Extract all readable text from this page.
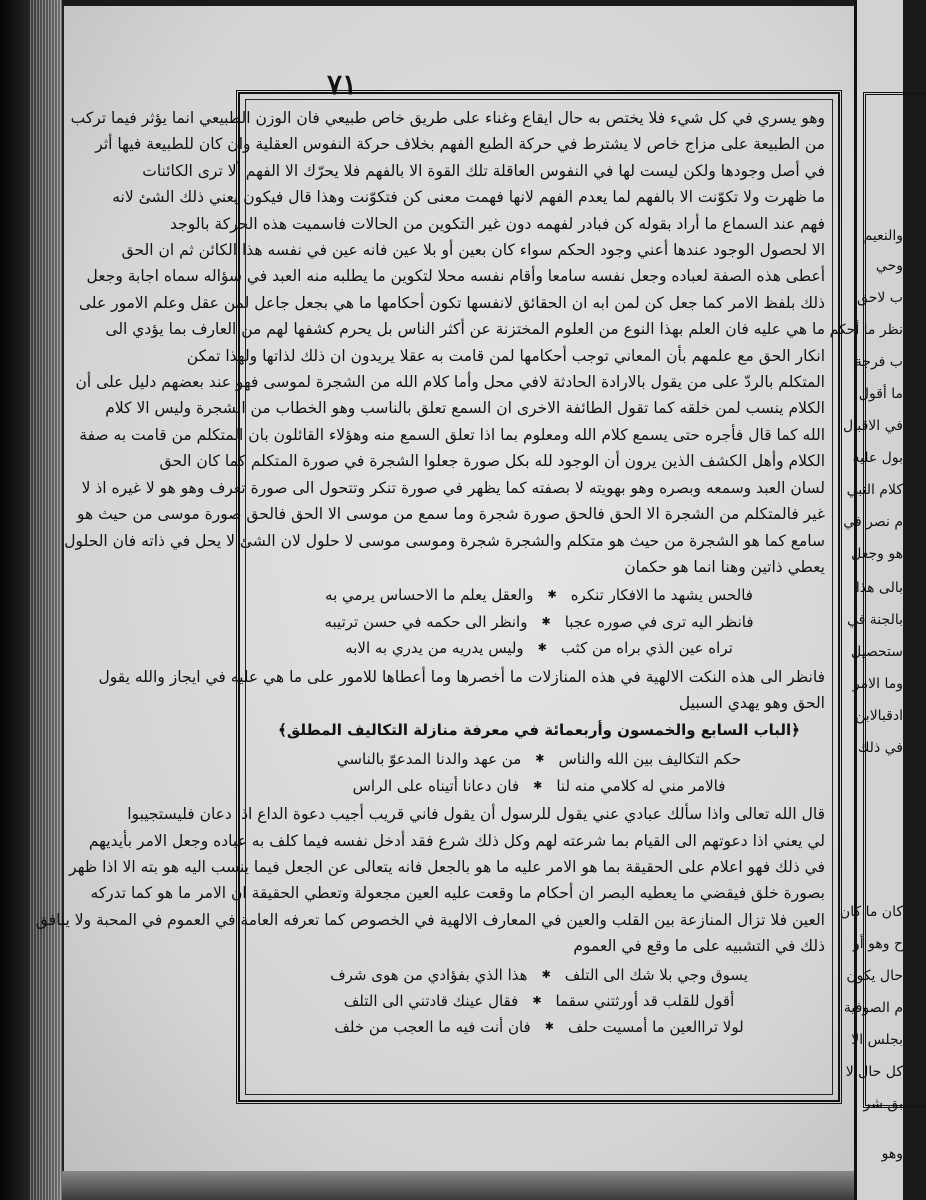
٧١
وهو يسري في كل شيء فلا يختص به حال ايقاع وغناء على طريق خاص طبيعي فان الوزن الطبيعي انما يؤثر فيما تركب
من الطبيعة على مزاج خاص لا يشترط في حركة الطبع الفهم بخلاف حركة النفوس العقلية وان كان للطبيعة فيها أثر
في أصل وجودها ولكن ليست لها في النفوس العاقلة تلك القوة الا بالفهم فلا يحرّك الا الفهم ألا ترى الكائنات
ما ظهرت ولا تكوّنت الا بالفهم لما يعدم الفهم لانها فهمت معنى كن فتكوّنت وهذا قال فيكون يعني ذلك الشئ لانه
فهم عند السماع ما أراد بقوله كن فبادر لفهمه دون غير التكوين من الحالات فاسميت هذه الحركة بالوجد
الا لحصول الوجود عندها أعني وجود الحكم سواء كان بعين أو بلا عين فانه عين في نفسه هذا الكائن ثم ان الحق
أعطى هذه الصفة لعباده وجعل نفسه سامعا وأقام نفسه محلا لتكوين ما يطلبه منه العبد في سؤاله سماه اجابة وجعل
ذلك بلفظ الامر كما جعل كن لمن ابه ان الحقائق لانفسها تكون أحكامها ما هي بجعل جاعل لمن عقل وعلم الامور على
ما هي عليه فان العلم بهذا النوع من العلوم المختزنة عن أكثر الناس بل يحرم كشفها لهم من العارف بما يؤدي الى
انكار الحق مع علمهم بأن المعاني توجب أحكامها لمن قامت به عقلا يريدون ان ذلك لذاتها ولهذا تمكن
المتكلم بالردّ على من يقول بالارادة الحادثة لافي محل وأما كلام الله من الشجرة لموسى فهو عند بعضهم دليل على أن
الكلام ينسب لمن خلقه كما تقول الطائفة الاخرى ان السمع تعلق بالناسب وهو الخطاب من الشجرة وليس الا كلام
الله كما قال فأجره حتى يسمع كلام الله ومعلوم بما اذا تعلق السمع منه وهؤلاء القائلون بان المتكلم من قامت به صفة
الكلام وأهل الكشف الذين يرون أن الوجود لله بكل صورة جعلوا الشجرة في صورة المتكلم كما كان الحق
لسان العبد وسمعه وبصره وهو بهويته لا بصفته كما يظهر في صورة تنكر وتتحول الى صورة تعرف وهو هو لا غيره اذ لا
غير فالمتكلم من الشجرة الا الحق فالحق صورة شجرة وما سمع من موسى الا الحق فالحق صورة موسى من حيث هو
سامع كما هو الشجرة من حيث هو متكلم والشجرة شجرة وموسى موسى لا حلول لان الشئ لا يحل في ذاته فان الحلول
يعطي ذاتين وهنا انما هو حكمان
فالحس يشهد ما الافكار تنكره
✱
والعقل يعلم ما الاحساس يرمي به
فانظر اليه ترى في صوره عجبا
✱
وانظر الى حكمه في حسن ترتيبه
تراه عين الذي براه من كثب
✱
وليس يدريه من يدري به الابه
فانظر الى هذه النكت الالهية في هذه المنازلات ما أخصرها وما أعطاها للامور على ما هي عليه في ايجاز والله يقول
الحق وهو يهدي السبيل
﴿الباب السابع والخمسون وأربعمائة في معرفة منازلة التكاليف المطلق﴾
حكم التكاليف بين الله والناس
✱
من عهد والدنا المدعوّ بالناسي
فالامر مني له كلامي منه لنا
✱
فان دعانا أتيناه على الراس
قال الله تعالى واذا سألك عبادي عني يقول للرسول أن يقول فاني قريب أجيب دعوة الداع اذا دعان فليستجيبوا
لي يعني اذا دعوتهم الى القيام بما شرعته لهم وكل ذلك شرع فقد أدخل نفسه فيما كلف به عباده وجعل الامر بأيديهم
في ذلك فهو اعلام على الحقيقة بما هو الامر عليه ما هو بالجعل فانه يتعالى عن الجعل فيما ينسب اليه هو بته الا اذا ظهر
بصورة خلق فيقضي ما يعطيه البصر ان أحكام ما وقعت عليه العين مجعولة وتعطي الحقيقة ان الامر ما هو كما تدركه
العين فلا تزال المنازعة بين القلب والعين في المعارف الالهية في الخصوص كما تعرفه العامة في العموم في المحبة ولا ينافق
ذلك في التشبيه على ما وقع في العموم
يسوق وجي بلا شك الى التلف
✱
هذا الذي بفؤادي من هوى شرف
أقول للقلب قد أورثتني سقما
✱
فقال عينك قادتني الى التلف
لولا تراالعين ما أمسيت حلف
✱
فان أنت فيه ما العجب من خلف
والنعيم
وحي
ب لاحق
نظر ما أحكم
ب فرجة
ما أقول
في الاقبال
بول عليه
كلام النبي
م نصر في
هو وجعل
بالى هذا
بالجنة في
ستحصيل
وما الامر
ادقبالابن
في ذلك
كان ما كان
ح وهو أو
حال يكون
م الصوفية
بجلس الا
كل حال لا
بق شر
وهو
